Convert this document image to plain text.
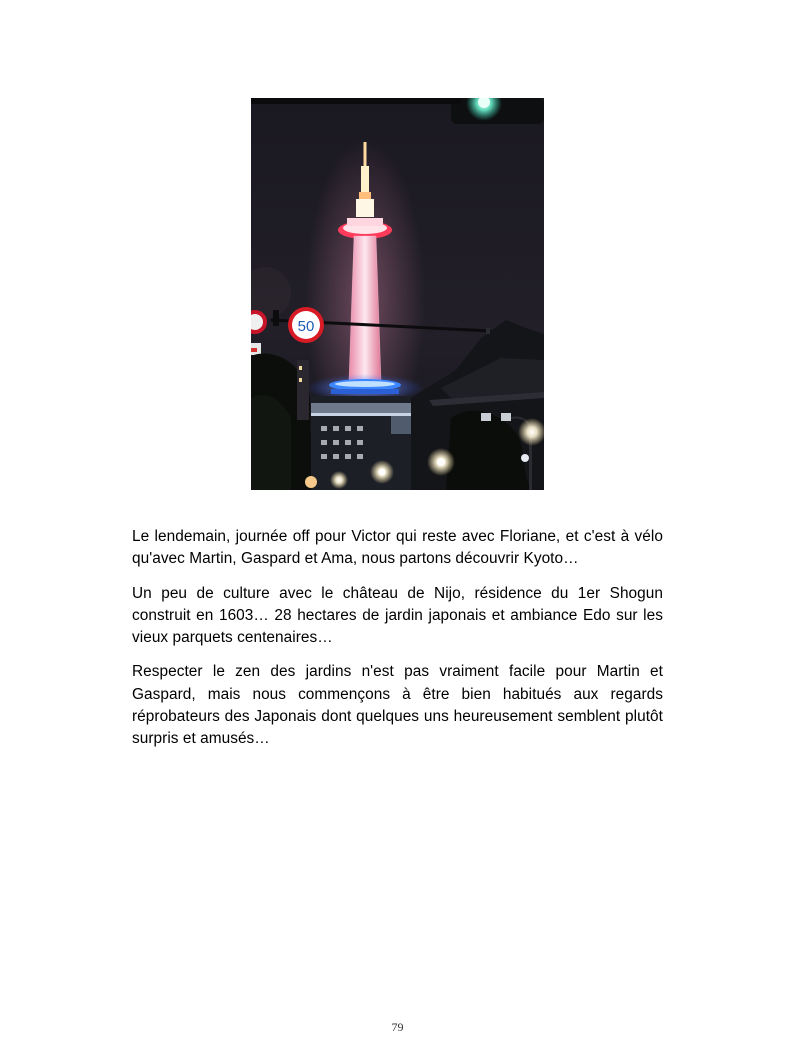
50

Le lendemain, journée off pour Victor qui reste avec Floriane, et c'est à vélo qu'avec Martin, Gaspard et Ama, nous partons découvrir Kyoto…

Un peu de culture avec le château de Nijo, résidence du 1er Shogun construit en 1603… 28 hectares de jardin japonais et ambiance Edo sur les vieux parquets centenaires…

Respecter le zen des jardins n'est pas vraiment facile pour Martin et Gaspard, mais nous commençons à être bien habitués aux regards réprobateurs des Japonais dont quelques uns heureusement semblent plutôt surpris et amusés…

79
